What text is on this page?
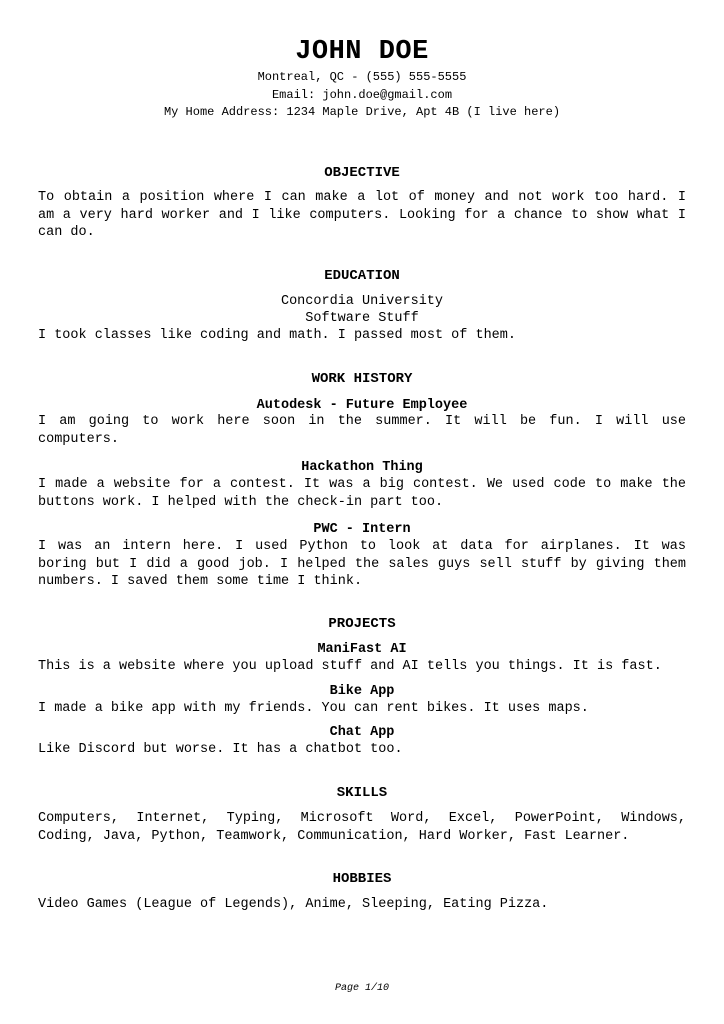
JOHN DOE
Montreal, QC - (555) 555-5555
Email: john.doe@gmail.com
My Home Address: 1234 Maple Drive, Apt 4B (I live here)
OBJECTIVE

To obtain a position where I can make a lot of money and not work too hard. I am a very hard worker and I like computers. Looking for a chance to show what I can do.

EDUCATION
Concordia University
Software Stuff

I took classes like coding and math. I passed most of them.

WORK HISTORY
Autodesk - Future Employee

I am going to work here soon in the summer. It will be fun. I will use computers.

Hackathon Thing

I made a website for a contest. It was a big contest. We used code to make the buttons work. I helped with the check-in part too.

PWC - Intern

I was an intern here. I used Python to look at data for airplanes. It was boring but I did a good job. I helped the sales guys sell stuff by giving them numbers. I saved them some time I think.

PROJECTS
ManiFast AI

This is a website where you upload stuff and AI tells you things. It is fast.

Bike App

I made a bike app with my friends. You can rent bikes. It uses maps.

Chat App

Like Discord but worse. It has a chatbot too.

SKILLS

Computers, Internet, Typing, Microsoft Word, Excel, PowerPoint, Windows, Coding, Java, Python, Teamwork, Communication, Hard Worker, Fast Learner.

HOBBIES

Video Games (League of Legends), Anime, Sleeping, Eating Pizza.

Page 1/10
